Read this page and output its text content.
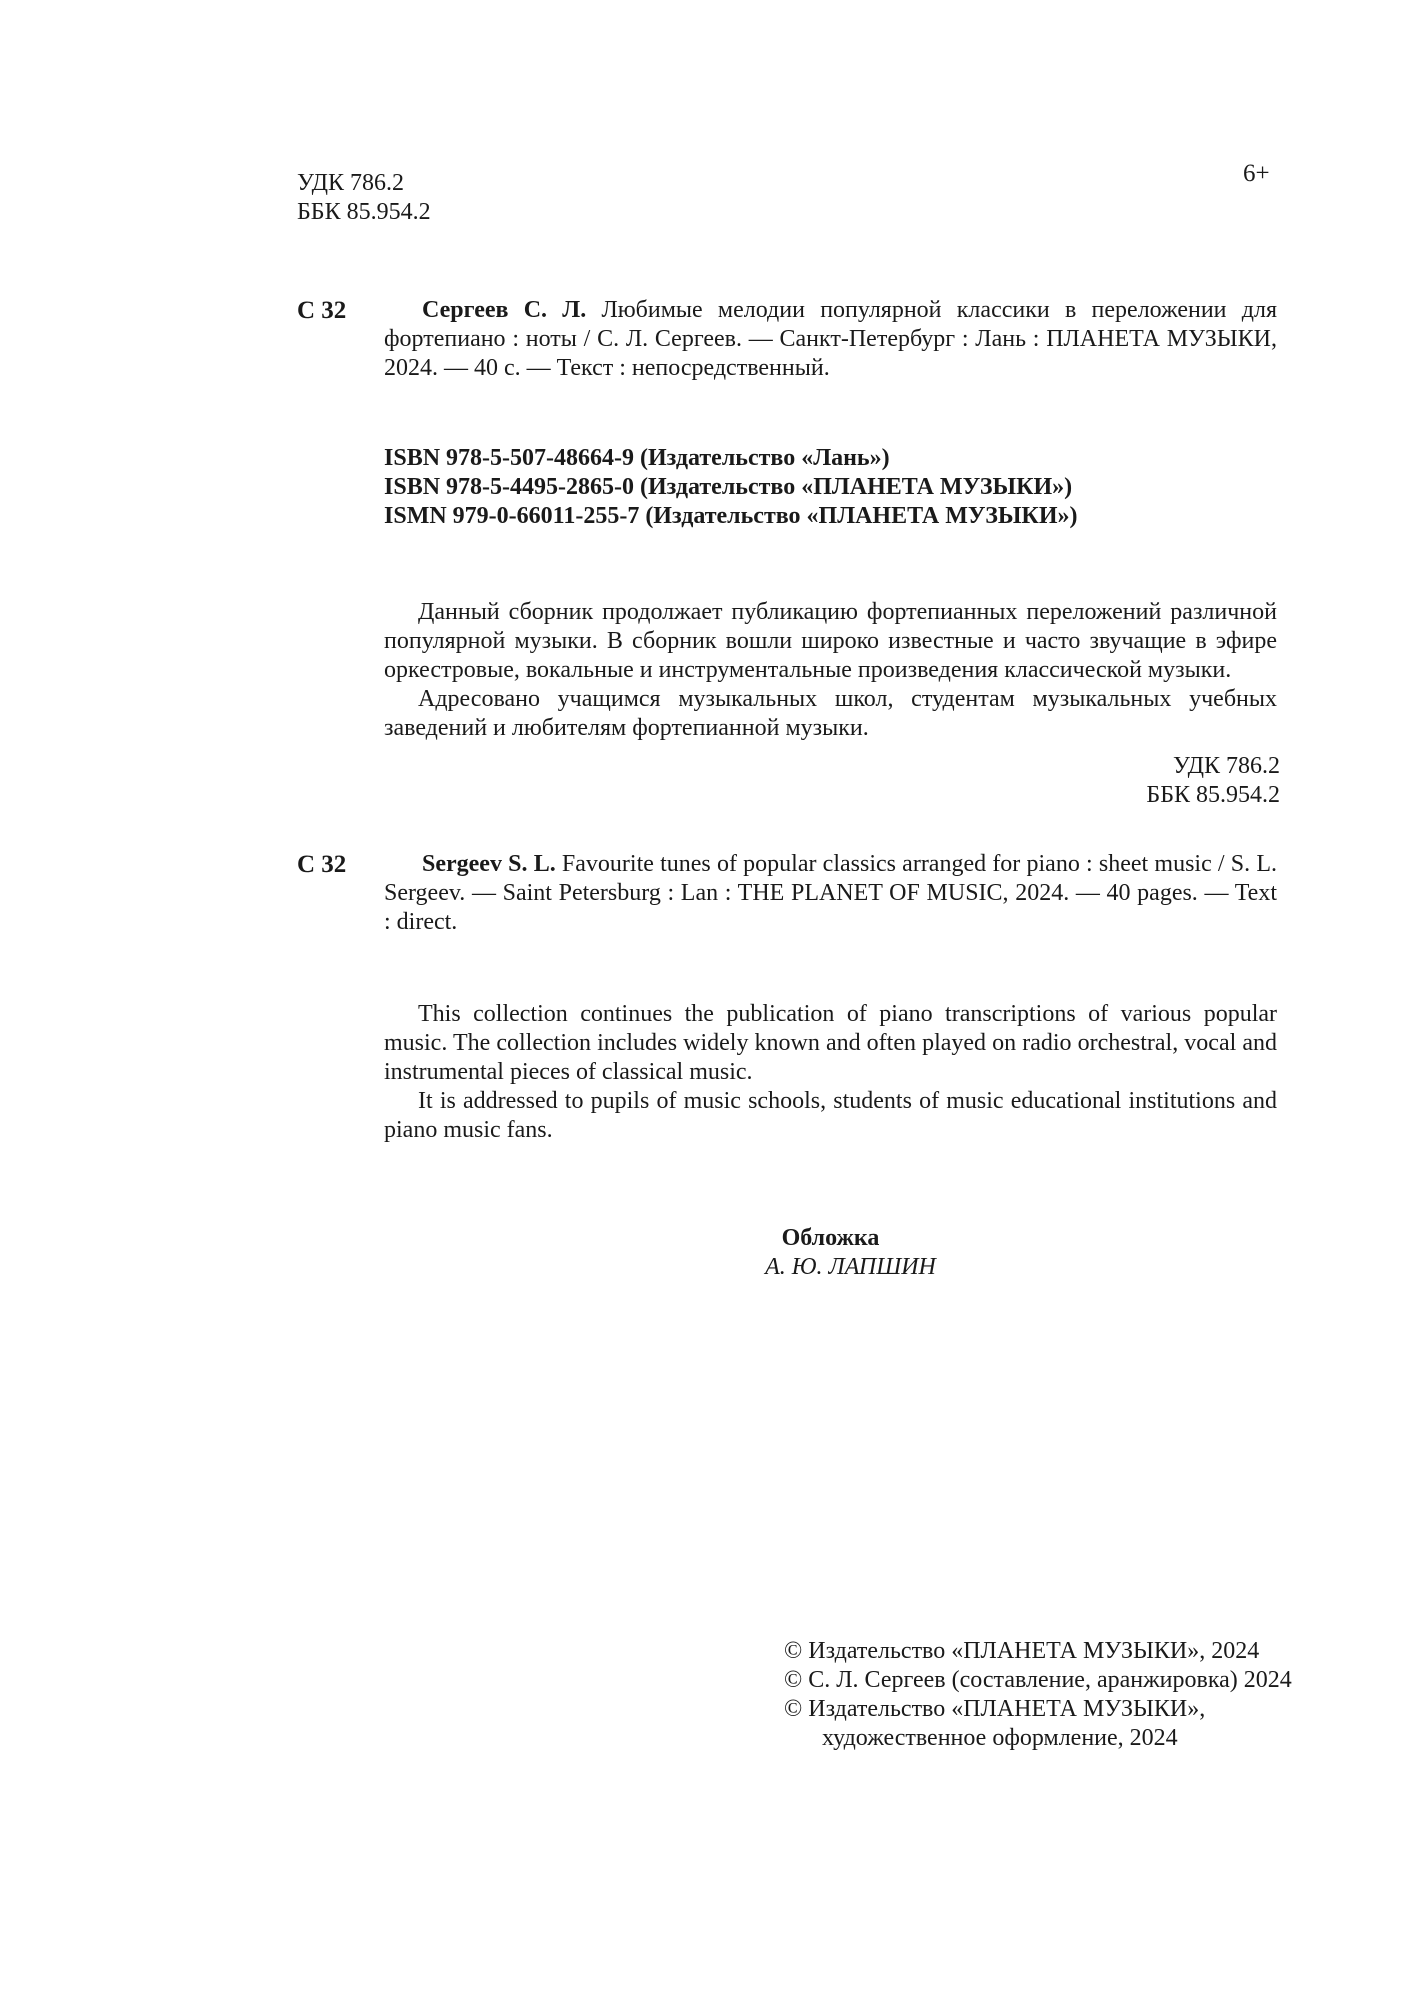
УДК 786.2
ББК 85.954.2
6+
С 32	Сергеев С. Л. Любимые мелодии популярной классики в переложении для фортепиано : ноты / С. Л. Сергеев. — Санкт-Петербург : Лань : ПЛАНЕТА МУЗЫКИ, 2024. — 40 с. — Текст : непосредственный.
ISBN 978-5-507-48664-9 (Издательство «Лань»)
ISBN 978-5-4495-2865-0 (Издательство «ПЛАНЕТА МУЗЫКИ»)
ISMN 979-0-66011-255-7 (Издательство «ПЛАНЕТА МУЗЫКИ»)
Данный сборник продолжает публикацию фортепианных переложений различной популярной музыки. В сборник вошли широко известные и часто звучащие в эфире оркестровые, вокальные и инструментальные произведения классической музыки.
Адресовано учащимся музыкальных школ, студентам музыкальных учебных заведений и любителям фортепианной музыки.
УДК 786.2
ББК 85.954.2
С 32	Sergeev S. L. Favourite tunes of popular classics arranged for piano : sheet music / S. L. Sergeev. — Saint Petersburg : Lan : THE PLANET OF MUSIC, 2024. — 40 pages. — Text : direct.
This collection continues the publication of piano transcriptions of various popular music. The collection includes widely known and often played on radio orchestral, vocal and instrumental pieces of classical music.
It is addressed to pupils of music schools, students of music educational institutions and piano music fans.
Обложка
А. Ю. ЛАПШИН
© Издательство «ПЛАНЕТА МУЗЫКИ», 2024
© С. Л. Сергеев (составление, аранжировка) 2024
© Издательство «ПЛАНЕТА МУЗЫКИ»,
художественное оформление, 2024
